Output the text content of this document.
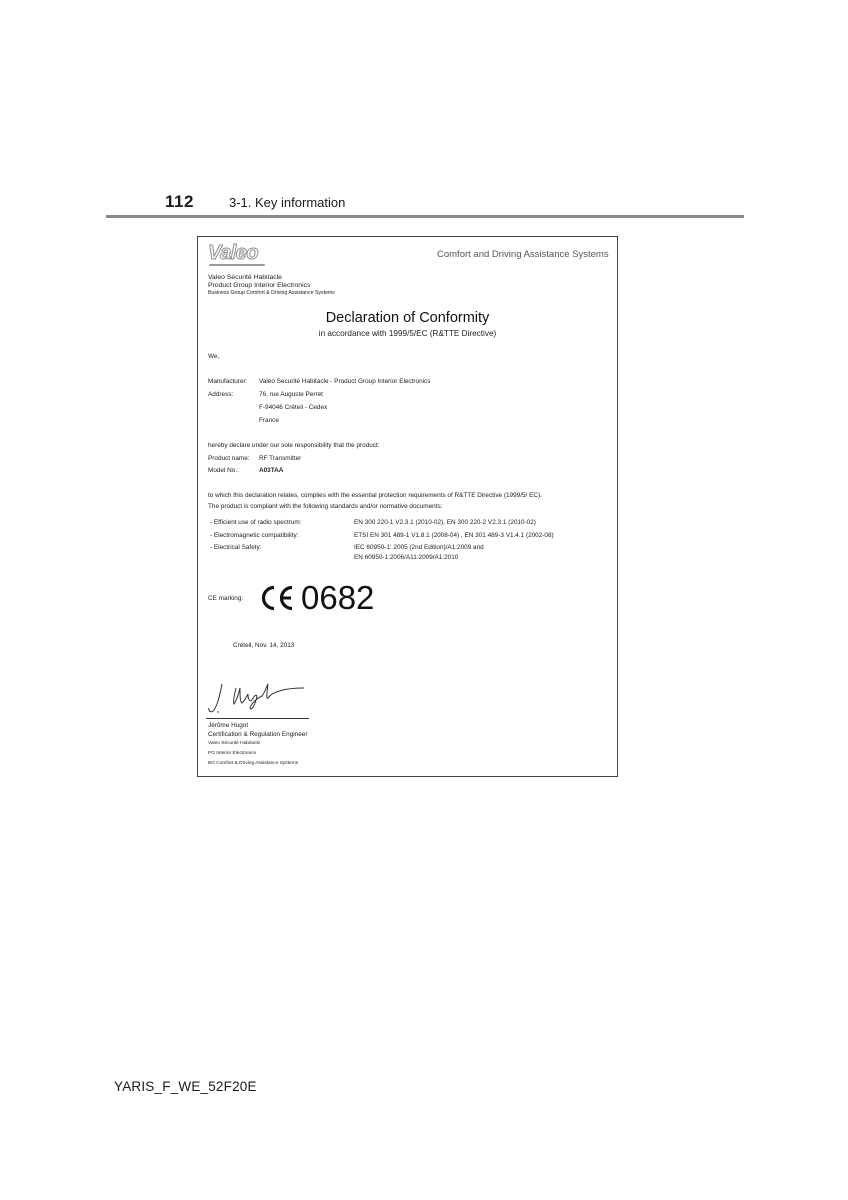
112	3-1. Key information
Valeo	Comfort and Driving Assistance Systems
Valeo Sécurité Habitacle
Product Group Interior Electronics
Business Group Comfort & Driving Assistance Systems
Declaration of Conformity
in accordance with 1999/5/EC (R&TTE Directive)
We,
Manufacturer: Valeo Securité Habitacle - Product Group Interior Electronics
Address:	76, rue Auguste Perret
F-94046 Créteil - Cedex
France
hereby declare under our sole responsibility that the product:
Product name: RF Transmitter
Model No.:	A03TAA
to which this declaration relates, complies with the essential protection requirements of R&TTE Directive (1999/5/ EC).
The product is compliant with the following standards and/or normative documents:
- Efficient use of radio spectrum:	EN 300 220-1 V2.3.1 (2010-02), EN 300 220-2 V2.3.1 (2010-02)
- Electromagnetic compatibility:	ETSI EN 301 489-1 V1.8.1 (2008-04) , EN 301 489-3 V1.4.1 (2002-08)
- Electrical Safety:	IEC 60950-1: 2005 (2nd Edition)/A1:2009 and
EN 60950-1:2006/A11:2009/A1:2010
CE marking: 0682
Créteil, Nov. 14, 2013
Jérôme Hugot
Certification & Regulation Engineer
Valeo Sécurité Habitacle
PG Interior Electronics
BG Comfort & Driving Assistance Systems
YARIS_F_WE_52F20E
